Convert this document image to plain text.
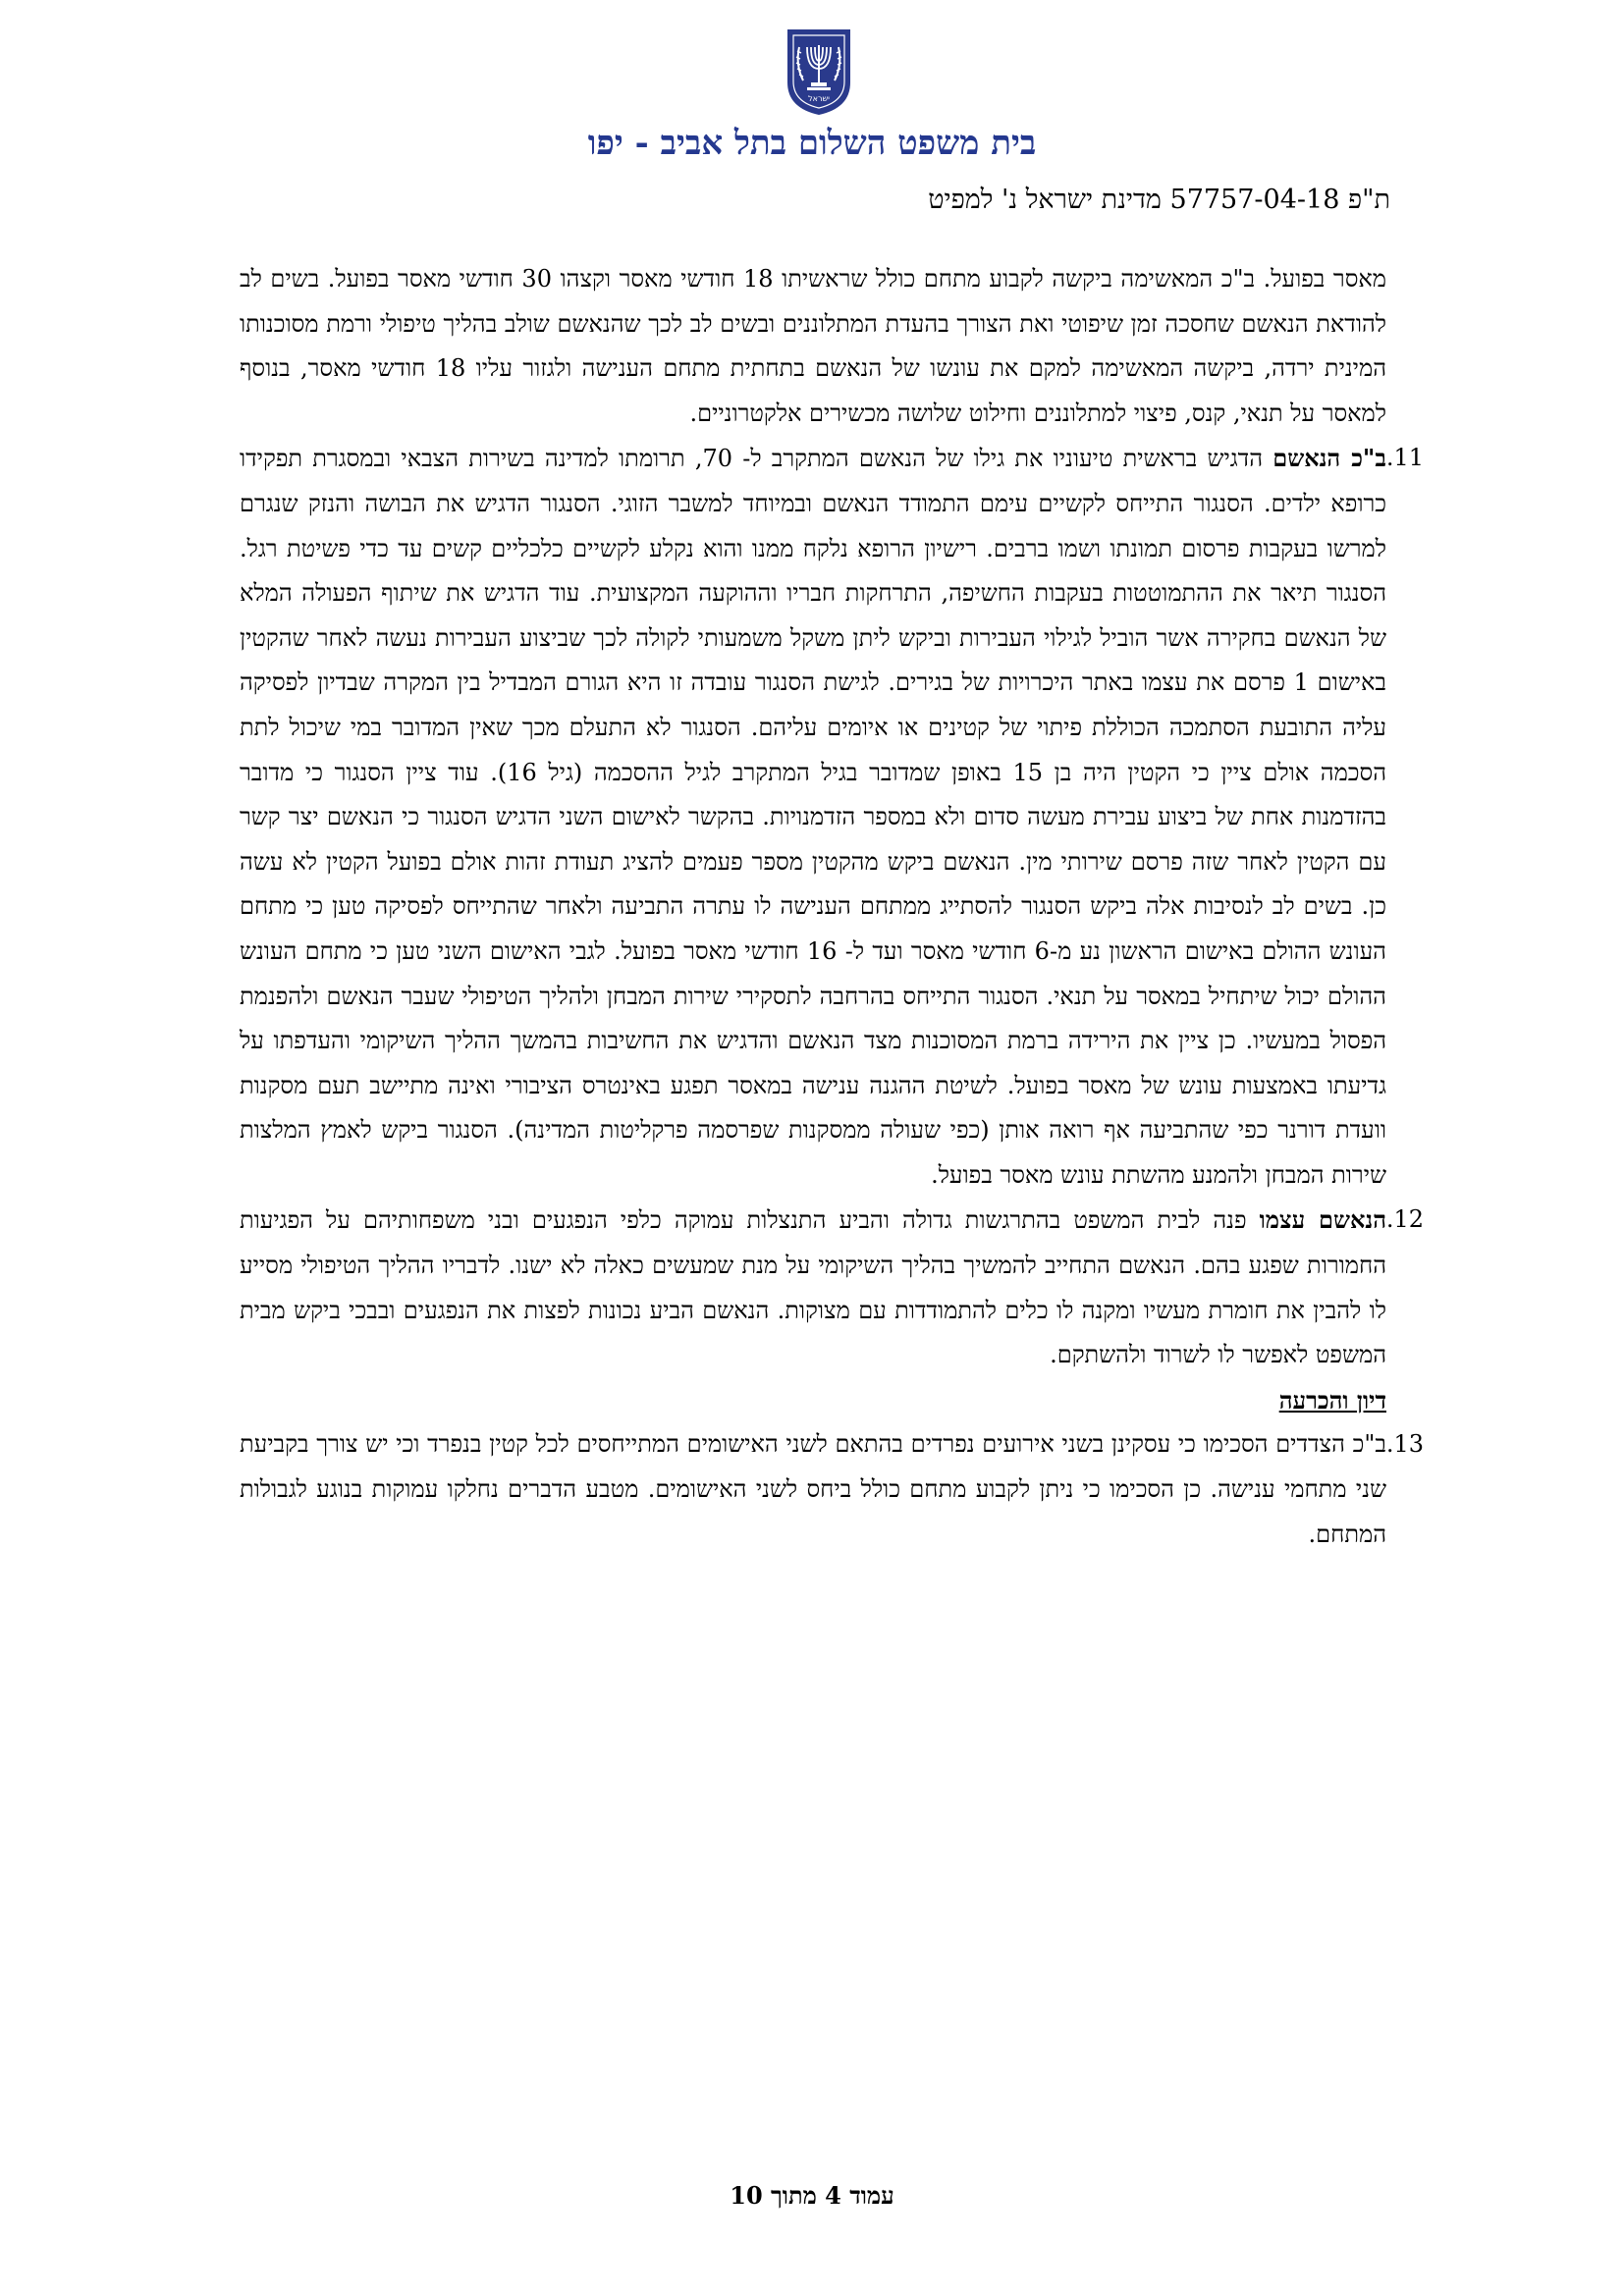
ישראל
בית משפט השלום בתל אביב - יפו

ת"פ 57757-04-18 מדינת ישראל נ' למפיט

מאסר בפועל. ב"כ המאשימה ביקשה לקבוע מתחם כולל שראשיתו 18 חודשי מאסר וקצהו 30 חודשי מאסר בפועל. בשים לב להודאת הנאשם שחסכה זמן שיפוטי ואת הצורך בהעדת המתלוננים ובשים לב לכך שהנאשם שולב בהליך טיפולי ורמת מסוכנותו המינית ירדה, ביקשה המאשימה למקם את עונשו של הנאשם בתחתית מתחם הענישה ולגזור עליו 18 חודשי מאסר, בנוסף למאסר על תנאי, קנס, פיצוי למתלוננים וחילוט שלושה מכשירים אלקטרוניים.

11.
ב"כ הנאשם הדגיש בראשית טיעוניו את גילו של הנאשם המתקרב ל- 70, תרומתו למדינה בשירות הצבאי ובמסגרת תפקידו כרופא ילדים. הסנגור התייחס לקשיים עימם התמודד הנאשם ובמיוחד למשבר הזוגי. הסנגור הדגיש את הבושה והנזק שנגרם למרשו בעקבות פרסום תמונתו ושמו ברבים. רישיון הרופא נלקח ממנו והוא נקלע לקשיים כלכליים קשים עד כדי פשיטת רגל. הסנגור תיאר את ההתמוטטות בעקבות החשיפה, התרחקות חבריו וההוקעה המקצועית. עוד הדגיש את שיתוף הפעולה המלא של הנאשם בחקירה אשר הוביל לגילוי העבירות וביקש ליתן משקל משמעותי לקולה לכך שביצוע העבירות נעשה לאחר שהקטין באישום 1 פרסם את עצמו באתר היכרויות של בגירים. לגישת הסנגור עובדה זו היא הגורם המבדיל בין המקרה שבדיון לפסיקה עליה התובעת הסתמכה הכוללת פיתוי של קטינים או איומים עליהם. הסנגור לא התעלם מכך שאין המדובר במי שיכול לתת הסכמה אולם ציין כי הקטין היה בן 15 באופן שמדובר בגיל המתקרב לגיל ההסכמה (גיל 16). עוד ציין הסנגור כי מדובר בהזדמנות אחת של ביצוע עבירת מעשה סדום ולא במספר הזדמנויות. בהקשר לאישום השני הדגיש הסנגור כי הנאשם יצר קשר עם הקטין לאחר שזה פרסם שירותי מין. הנאשם ביקש מהקטין מספר פעמים להציג תעודת זהות אולם בפועל הקטין לא עשה כן. בשים לב לנסיבות אלה ביקש הסנגור להסתייג ממתחם הענישה לו עתרה התביעה ולאחר שהתייחס לפסיקה טען כי מתחם העונש ההולם באישום הראשון נע מ-6 חודשי מאסר ועד ל- 16 חודשי מאסר בפועל. לגבי האישום השני טען כי מתחם העונש ההולם יכול שיתחיל במאסר על תנאי. הסנגור התייחס בהרחבה לתסקירי שירות המבחן ולהליך הטיפולי שעבר הנאשם ולהפנמת הפסול במעשיו. כן ציין את הירידה ברמת המסוכנות מצד הנאשם והדגיש את החשיבות בהמשך ההליך השיקומי והעדפתו על גדיעתו באמצעות עונש של מאסר בפועל. לשיטת ההגנה ענישה במאסר תפגע באינטרס הציבורי ואינה מתיישב תעם מסקנות וועדת דורנר כפי שהתביעה אף רואה אותן (כפי שעולה ממסקנות שפרסמה פרקליטות המדינה). הסנגור ביקש לאמץ המלצות שירות המבחן ולהמנע מהשתת עונש מאסר בפועל.

12.
הנאשם עצמו פנה לבית המשפט בהתרגשות גדולה והביע התנצלות עמוקה כלפי הנפגעים ובני משפחותיהם על הפגיעות החמורות שפגע בהם. הנאשם התחייב להמשיך בהליך השיקומי על מנת שמעשים כאלה לא ישנו. לדבריו ההליך הטיפולי מסייע לו להבין את חומרת מעשיו ומקנה לו כלים להתמודדות עם מצוקות. הנאשם הביע נכונות לפצות את הנפגעים ובבכי ביקש מבית המשפט לאפשר לו לשרוד ולהשתקם.

דיון והכרעה

13.
ב"כ הצדדים הסכימו כי עסקינן בשני אירועים נפרדים בהתאם לשני האישומים המתייחסים לכל קטין בנפרד וכי יש צורך בקביעת שני מתחמי ענישה. כן הסכימו כי ניתן לקבוע מתחם כולל ביחס לשני האישומים. מטבע הדברים נחלקו עמוקות בנוגע לגבולות המתחם.

עמוד 4 מתוך 10
